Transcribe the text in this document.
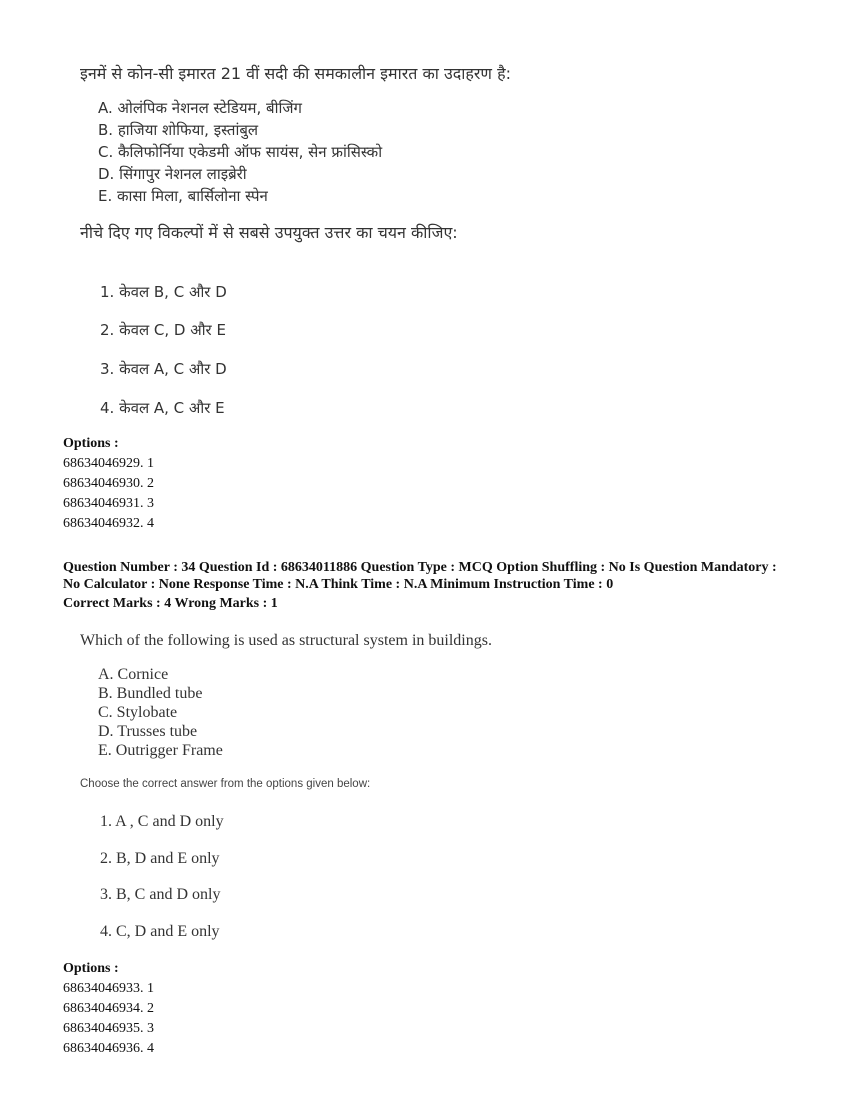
इनमें से कोन-सी इमारत 21 वीं सदी की समकालीन इमारत का उदाहरण है:
A. ओलंपिक नेशनल स्टेडियम, बीजिंग
B. हाजिया शोफिया, इस्तांबुल
C. कैलिफोर्निया एकेडमी ऑफ सायंस, सेन फ्रांसिस्को
D. सिंगापुर नेशनल लाइब्रेरी
E. कासा मिला, बार्सिलोना स्पेन
नीचे दिए गए विकल्पों में से सबसे उपयुक्त उत्तर का चयन कीजिए:
1. केवल B, C और D
2. केवल C, D और E
3. केवल A, C और D
4. केवल A, C और E
Options :
68634046929. 1
68634046930. 2
68634046931. 3
68634046932. 4
Question Number : 34 Question Id : 68634011886 Question Type : MCQ Option Shuffling : No Is Question Mandatory :
No Calculator : None Response Time : N.A Think Time : N.A Minimum Instruction Time : 0
Correct Marks : 4 Wrong Marks : 1
Which of the following is used as structural system in buildings.
A. Cornice
B. Bundled tube
C. Stylobate
D. Trusses tube
E. Outrigger Frame
Choose the correct answer from the options given below:
1. A , C and D only
2. B, D and E only
3. B, C and D only
4. C, D and E only
Options :
68634046933. 1
68634046934. 2
68634046935. 3
68634046936. 4
